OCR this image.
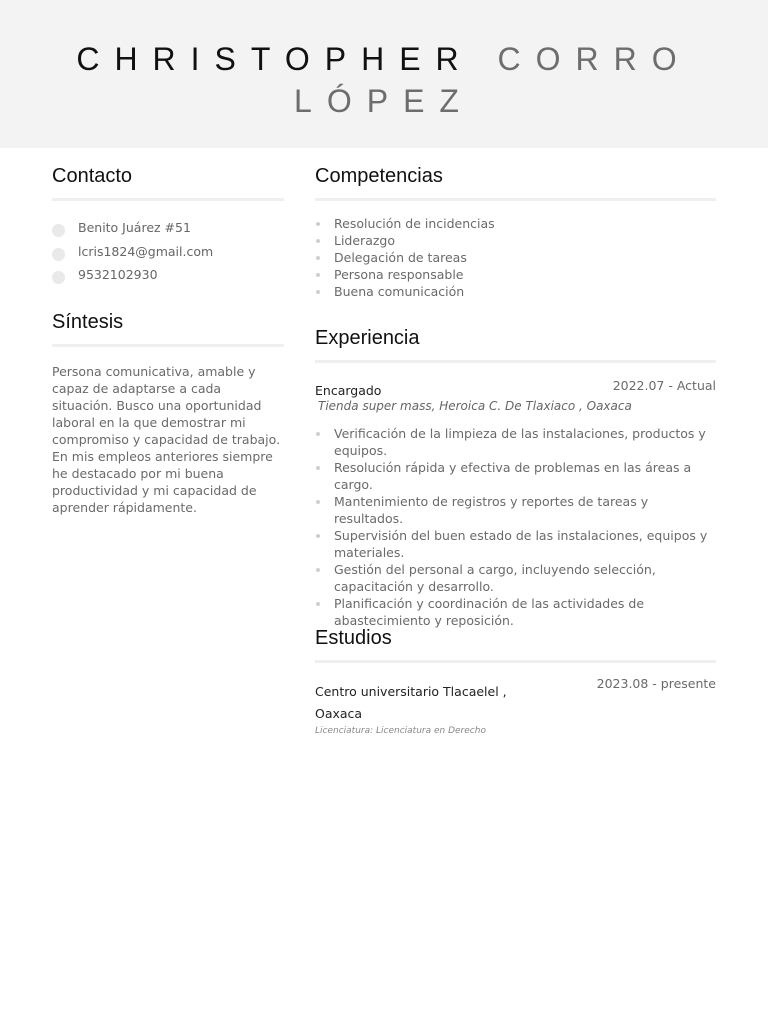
CHRISTOPHER CORRO
LÓPEZ
Contacto
Benito Juárez #51
lcris1824@gmail.com
9532102930
Síntesis

Persona comunicativa, amable y capaz de adaptarse a cada situación. Busco una oportunidad laboral en la que demostrar mi compromiso y capacidad de trabajo. En mis empleos anteriores siempre he destacado por mi buena productividad y mi capacidad de aprender rápidamente.

Competencias
Resolución de incidencias
Liderazgo
Delegación de tareas
Persona responsable
Buena comunicación
Experiencia
Encargado	2022.07 - Actual
Tienda super mass, Heroica C. De Tlaxiaco , Oaxaca
Verificación de la limpieza de las instalaciones, productos y equipos.
Resolución rápida y efectiva de problemas en las áreas a cargo.
Mantenimiento de registros y reportes de tareas y resultados.
Supervisión del buen estado de las instalaciones, equipos y materiales.
Gestión del personal a cargo, incluyendo selección, capacitación y desarrollo.
Planificación y coordinación de las actividades de abastecimiento y reposición.
Estudios
Centro universitario Tlacaelel , Oaxaca
2023.08 - presente
Licenciatura: Licenciatura en Derecho
